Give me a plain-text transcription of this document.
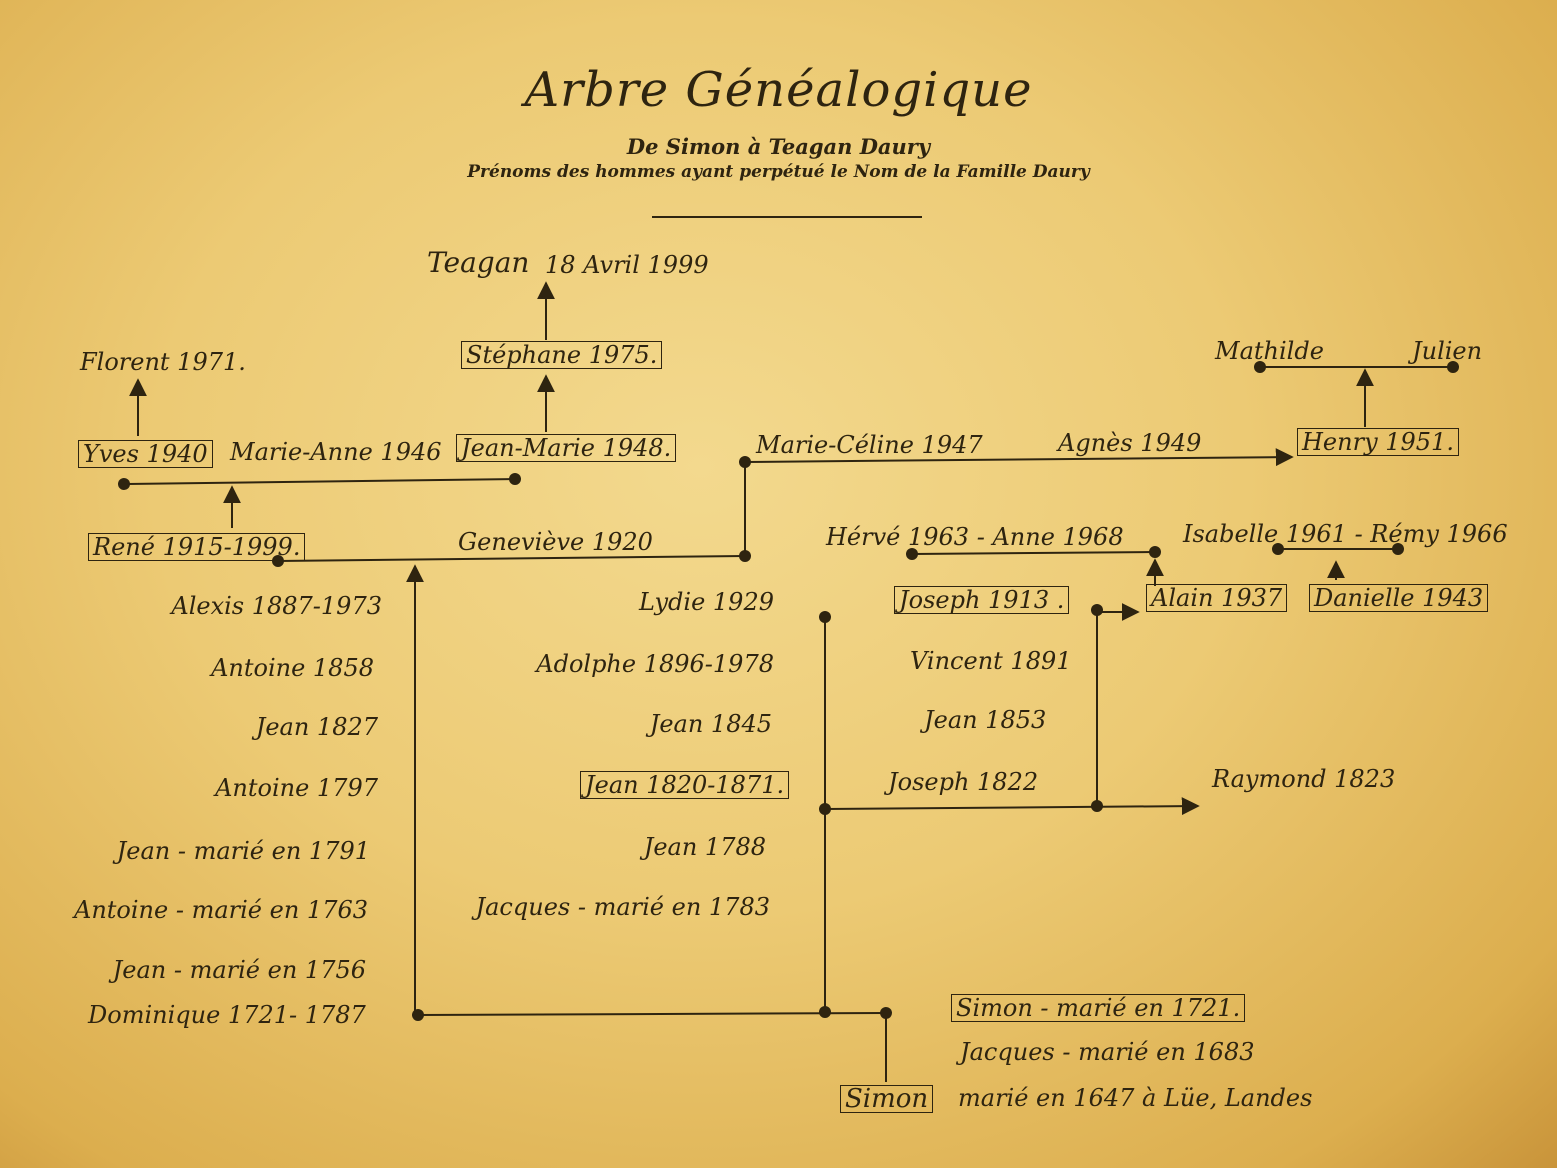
Arbre Généalogique
De Simon à Teagan Daury
Prénoms des hommes ayant perpétué le Nom de la Famille Daury
Teagan 18 Avril 1999
Stéphane 1975.
Florent 1971.
Yves 1940 Marie-Anne 1946 Jean-Marie 1948.	Marie-Céline 1947	Agnès 1949	Henry 1951.
Mathilde	Julien
René 1915-1999.	Geneviève 1920	Hérvé 1963 - Anne 1968 Isabelle 1961 - Rémy 1966
Joseph 1913 .	Alain 1937 Danielle 1943
Alexis 1887-1973
Antoine 1858
Jean 1827
Antoine 1797
Jean - marié en 1791
Antoine - marié en 1763
Jean - marié en 1756
Dominique 1721- 1787
Lydie 1929
Adolphe 1896-1978
Jean 1845
Jean 1820-1871.
Jean 1788
Jacques - marié en 1783
Vincent 1891
Jean 1853
Joseph 1822	Raymond 1823
Simon - marié en 1721.
Jacques - marié en 1683
Simon marié en 1647 à Lüe, Landes
